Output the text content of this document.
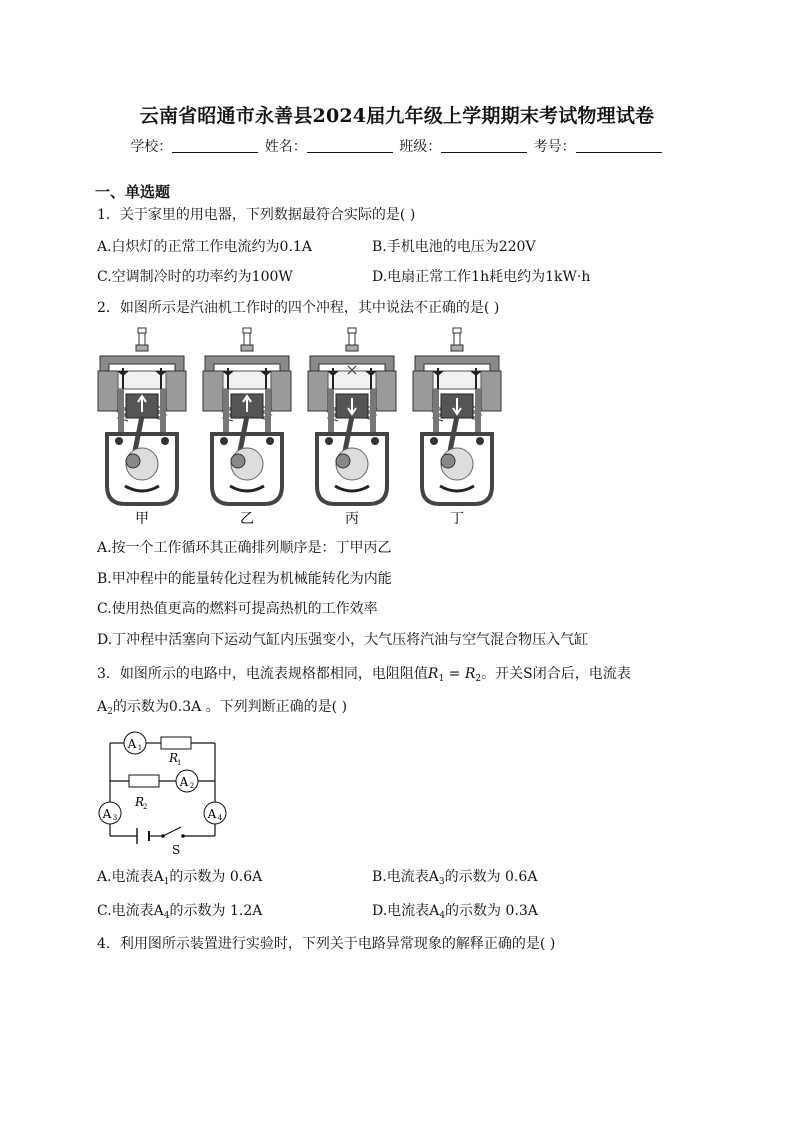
云南省昭通市永善县2024届九年级上学期期末考试物理试卷
学校：	姓名：	班级：	考号：
一、单选题
1．关于家里的用电器，下列数据最符合实际的是( )
A.白炽灯的正常工作电流约为0.1A	B.手机电池的电压为220V
C.空调制冷时的功率约为100W	D.电扇正常工作1h耗电约为1kW·h
2．如图所示是汽油机工作时的四个冲程，其中说法不正确的是( )
甲	乙	丙	丁
A.按一个工作循环其正确排列顺序是：丁甲丙乙
B.甲冲程中的能量转化过程为机械能转化为内能
C.使用热值更高的燃料可提高热机的工作效率
D.丁冲程中活塞向下运动气缸内压强变小，大气压将汽油与空气混合物压入气缸
3．如图所示的电路中，电流表规格都相同，电阻阻值$R_1 = R_2$。开关S闭合后，电流表
$A_2$的示数为0.3A 。下列判断正确的是( )
A 1
A 2
A 3	A 4
R
1
R
2
S
A.电流表$A_1$的示数为 0.6A	B.电流表$A_3$的示数为 0.6A
C.电流表$A_4$的示数为 1.2A	D.电流表$A_4$的示数为 0.3A
4．利用图所示装置进行实验时，下列关于电路异常现象的解释正确的是( )
